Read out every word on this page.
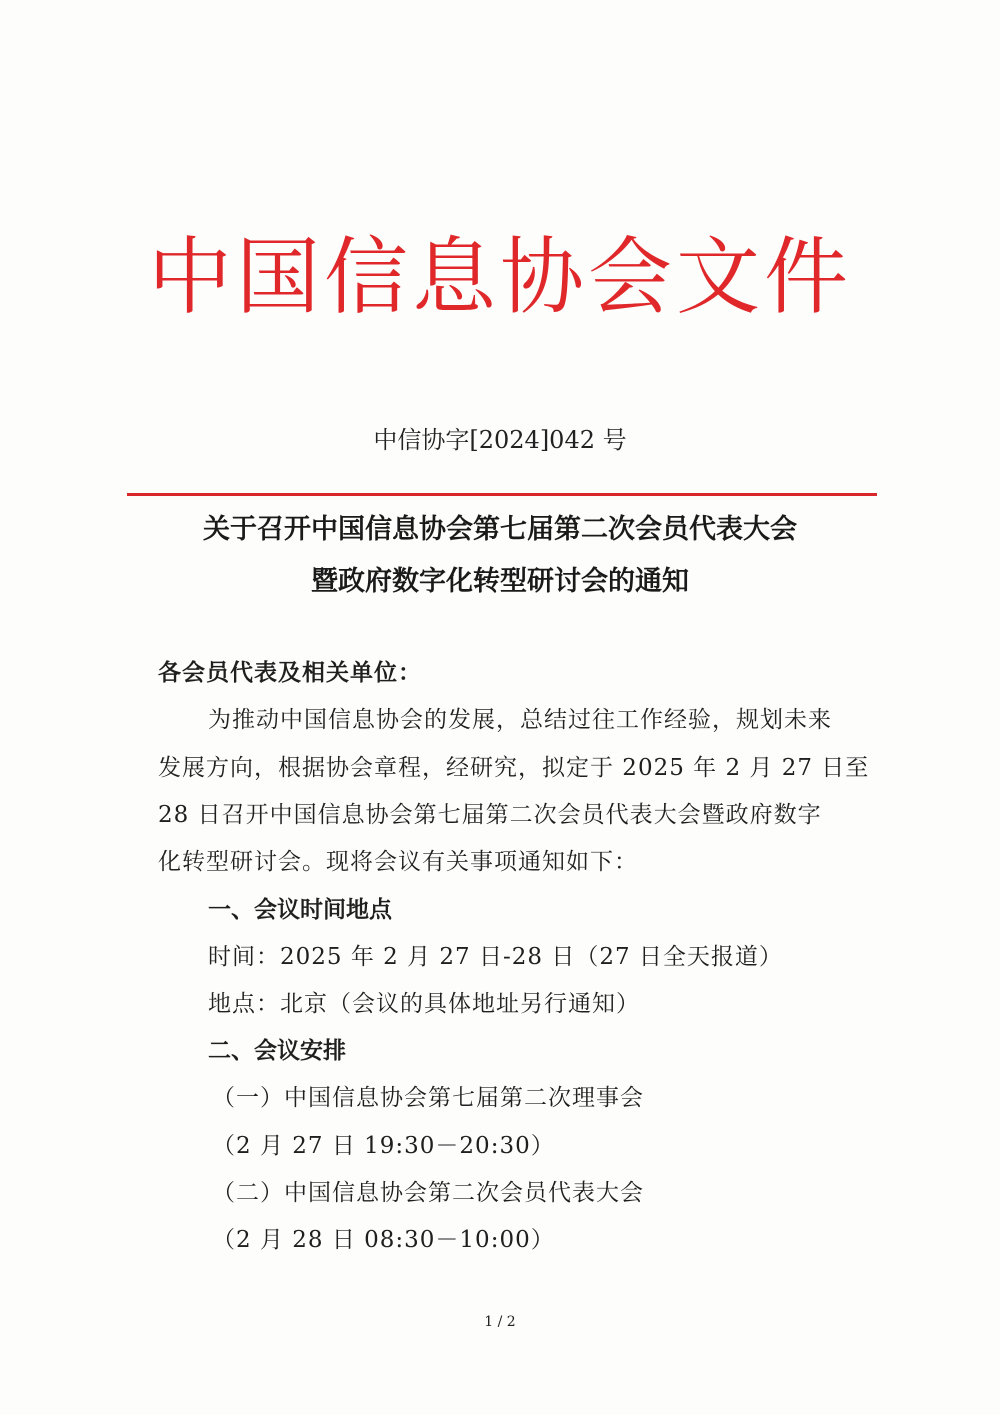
中国信息协会文件
中信协字[2024]042 号
关于召开中国信息协会第七届第二次会员代表大会
暨政府数字化转型研讨会的通知
各会员代表及相关单位：
为推动中国信息协会的发展，总结过往工作经验，规划未来
发展方向，根据协会章程，经研究，拟定于 2025 年 2 月 27 日至
28 日召开中国信息协会第七届第二次会员代表大会暨政府数字
化转型研讨会。现将会议有关事项通知如下：
一、会议时间地点
时间：2025 年 2 月 27 日-28 日（27 日全天报道）
地点：北京（会议的具体地址另行通知）
二、会议安排
（一）中国信息协会第七届第二次理事会
（2 月 27 日 19:30－20:30）
（二）中国信息协会第二次会员代表大会
（2 月 28 日 08:30－10:00）
1 / 2
